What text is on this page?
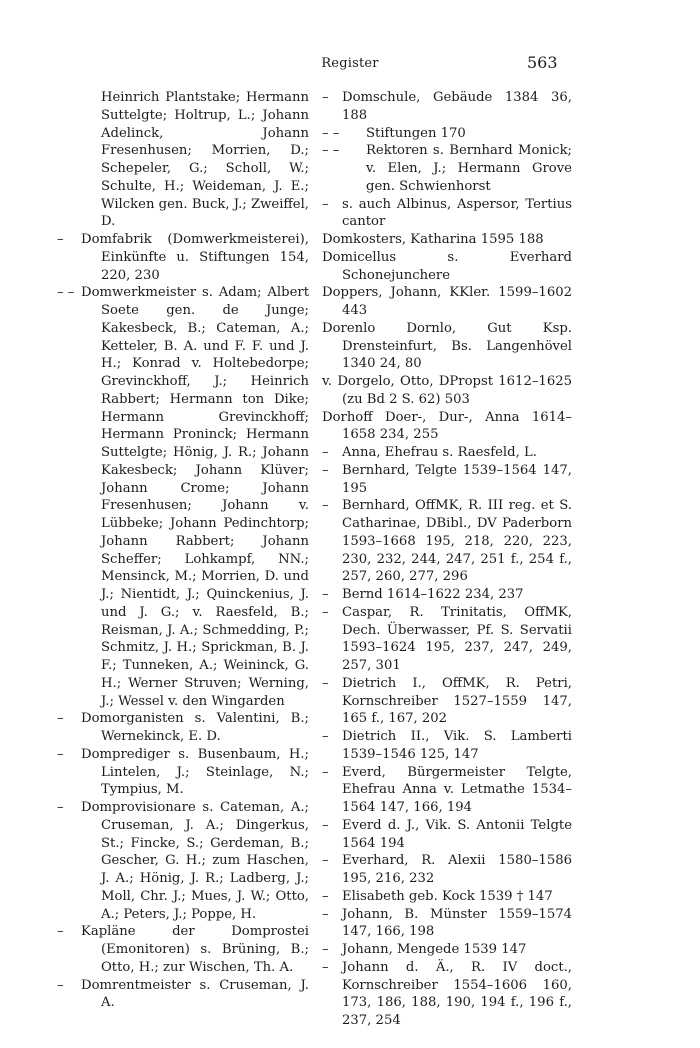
Register	563
Heinrich Plantstake; Hermann Suttelgte; Holtrup, L.; Johann Adelinck, Johann Fresenhusen; Morrien, D.; Schepeler, G.; Scholl, W.; Schulte, H.; Weideman, J. E.; Wilcken gen. Buck, J.; Zweiffel, D.
– Domfabrik (Domwerkmeisterei), Einkünfte u. Stiftungen 154, 220, 230
– – Domwerkmeister s. Adam; Albert Soete gen. de Junge; Kakesbeck, B.; Cateman, A.; Ketteler, B. A. und F. F. und J. H.; Konrad v. Holtebedorpe; Grevinckhoff, J.; Heinrich Rabbert; Hermann ton Dike; Hermann Grevinckhoff; Hermann Proninck; Hermann Suttelgte; Hönig, J. R.; Johann Kakesbeck; Johann Klüver; Johann Crome; Johann Fresenhusen; Johann v. Lübbeke; Johann Pedinchtorp; Johann Rabbert; Johann Scheffer; Lohkampf, NN.; Mensinck, M.; Morrien, D. und J.; Nientidt, J.; Quinckenius, J. und J. G.; v. Raesfeld, B.; Reisman, J. A.; Schmedding, P.; Schmitz, J. H.; Sprickman, B. J. F.; Tunneken, A.; Weininck, G. H.; Werner Struven; Werning, J.; Wessel v. den Wingarden
– Domorganisten s. Valentini, B.; Wernekinck, E. D.
– Domprediger s. Busenbaum, H.; Lintelen, J.; Steinlage, N.; Tympius, M.
– Domprovisionare s. Cateman, A.; Cruseman, J. A.; Dingerkus, St.; Fincke, S.; Gerdeman, B.; Gescher, G. H.; zum Haschen, J. A.; Hönig, J. R.; Ladberg, J.; Moll, Chr. J.; Mues, J. W.; Otto, A.; Peters, J.; Poppe, H.
– Kapläne der Domprostei (Emonitoren) s. Brüning, B.; Otto, H.; zur Wischen, Th. A.
– Domrentmeister s. Cruseman, J. A.
– Domschule, Gebäude 1384 36, 188
– – Stiftungen 170
– – Rektoren s. Bernhard Monick; v. Elen, J.; Hermann Grove gen. Schwienhorst
– s. auch Albinus, Aspersor, Tertius cantor
Domkosters, Katharina 1595 188
Domicellus s. Everhard Schonejunchere
Doppers, Johann, KKler. 1599–1602 443
Dorenlo Dornlo, Gut Ksp. Drensteinfurt, Bs. Langenhövel 1340 24, 80
v. Dorgelo, Otto, DPropst 1612–1625 (zu Bd 2 S. 62) 503
Dorhoff Doer-, Dur-, Anna 1614–1658 234, 255
– Anna, Ehefrau s. Raesfeld, L.
– Bernhard, Telgte 1539–1564 147, 195
– Bernhard, OffMK, R. III reg. et S. Catharinae, DBibl., DV Paderborn 1593–1668 195, 218, 220, 223, 230, 232, 244, 247, 251 f., 254 f., 257, 260, 277, 296
– Bernd 1614–1622 234, 237
– Caspar, R. Trinitatis, OffMK, Dech. Überwasser, Pf. S. Servatii 1593–1624 195, 237, 247, 249, 257, 301
– Dietrich I., OffMK, R. Petri, Kornschreiber 1527–1559 147, 165 f., 167, 202
– Dietrich II., Vik. S. Lamberti 1539–1546 125, 147
– Everd, Bürgermeister Telgte, Ehefrau Anna v. Letmathe 1534–1564 147, 166, 194
– Everd d. J., Vik. S. Antonii Telgte 1564 194
– Everhard, R. Alexii 1580–1586 195, 216, 232
– Elisabeth geb. Kock 1539 † 147
– Johann, B. Münster 1559–1574 147, 166, 198
– Johann, Mengede 1539 147
– Johann d. Ä., R. IV doct., Kornschreiber 1554–1606 160, 173, 186, 188, 190, 194 f., 196 f., 237, 254
